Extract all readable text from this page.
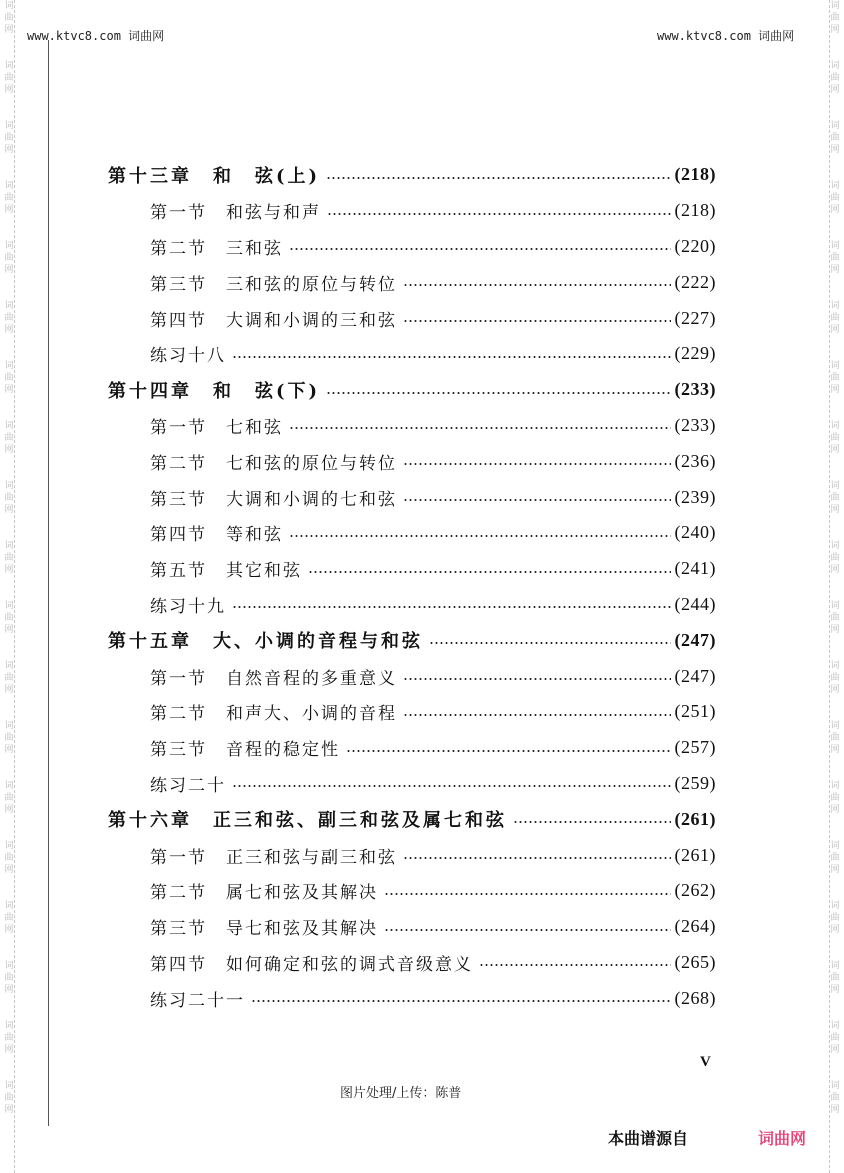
词
曲
网
词
曲
网
词
曲
网
词
曲
网
词
曲
网
词
曲
网
词
曲
网
词
曲
网
词
曲
网
词
曲
网
词
曲
网
词
曲
网
词
曲
网
词
曲
网
词
曲
网
词
曲
网
词
曲
网
词
曲
网
词
曲
网
词
曲
网
词
曲
网
词
曲
网
词
曲
网
词
曲
网
词
曲
网
词
曲
网
词
曲
网
词
曲
网
词
曲
网
词
曲
网
词
曲
网
词
曲
网
词
曲
网
词
曲
网
词
曲
网
词
曲
网
词
曲
网
词
曲
网
www.ktvc8.com 词曲网	www.ktvc8.com 词曲网
第十三章　和　弦(上)	(218)
第一节　和弦与和声	(218)
第二节　三和弦	(220)
第三节　三和弦的原位与转位	(222)
第四节　大调和小调的三和弦	(227)
练习十八	(229)
第十四章　和　弦(下)	(233)
第一节　七和弦	(233)
第二节　七和弦的原位与转位	(236)
第三节　大调和小调的七和弦	(239)
第四节　等和弦	(240)
第五节　其它和弦	(241)
练习十九	(244)
第十五章　大、小调的音程与和弦	(247)
第一节　自然音程的多重意义	(247)
第二节　和声大、小调的音程	(251)
第三节　音程的稳定性	(257)
练习二十	(259)
第十六章　正三和弦、副三和弦及属七和弦	(261)
第一节　正三和弦与副三和弦	(261)
第二节　属七和弦及其解决	(262)
第三节　导七和弦及其解决	(264)
第四节　如何确定和弦的调式音级意义	(265)
练习二十一	(268)
V
图片处理/上传：陈普
本曲谱源自	词曲网
